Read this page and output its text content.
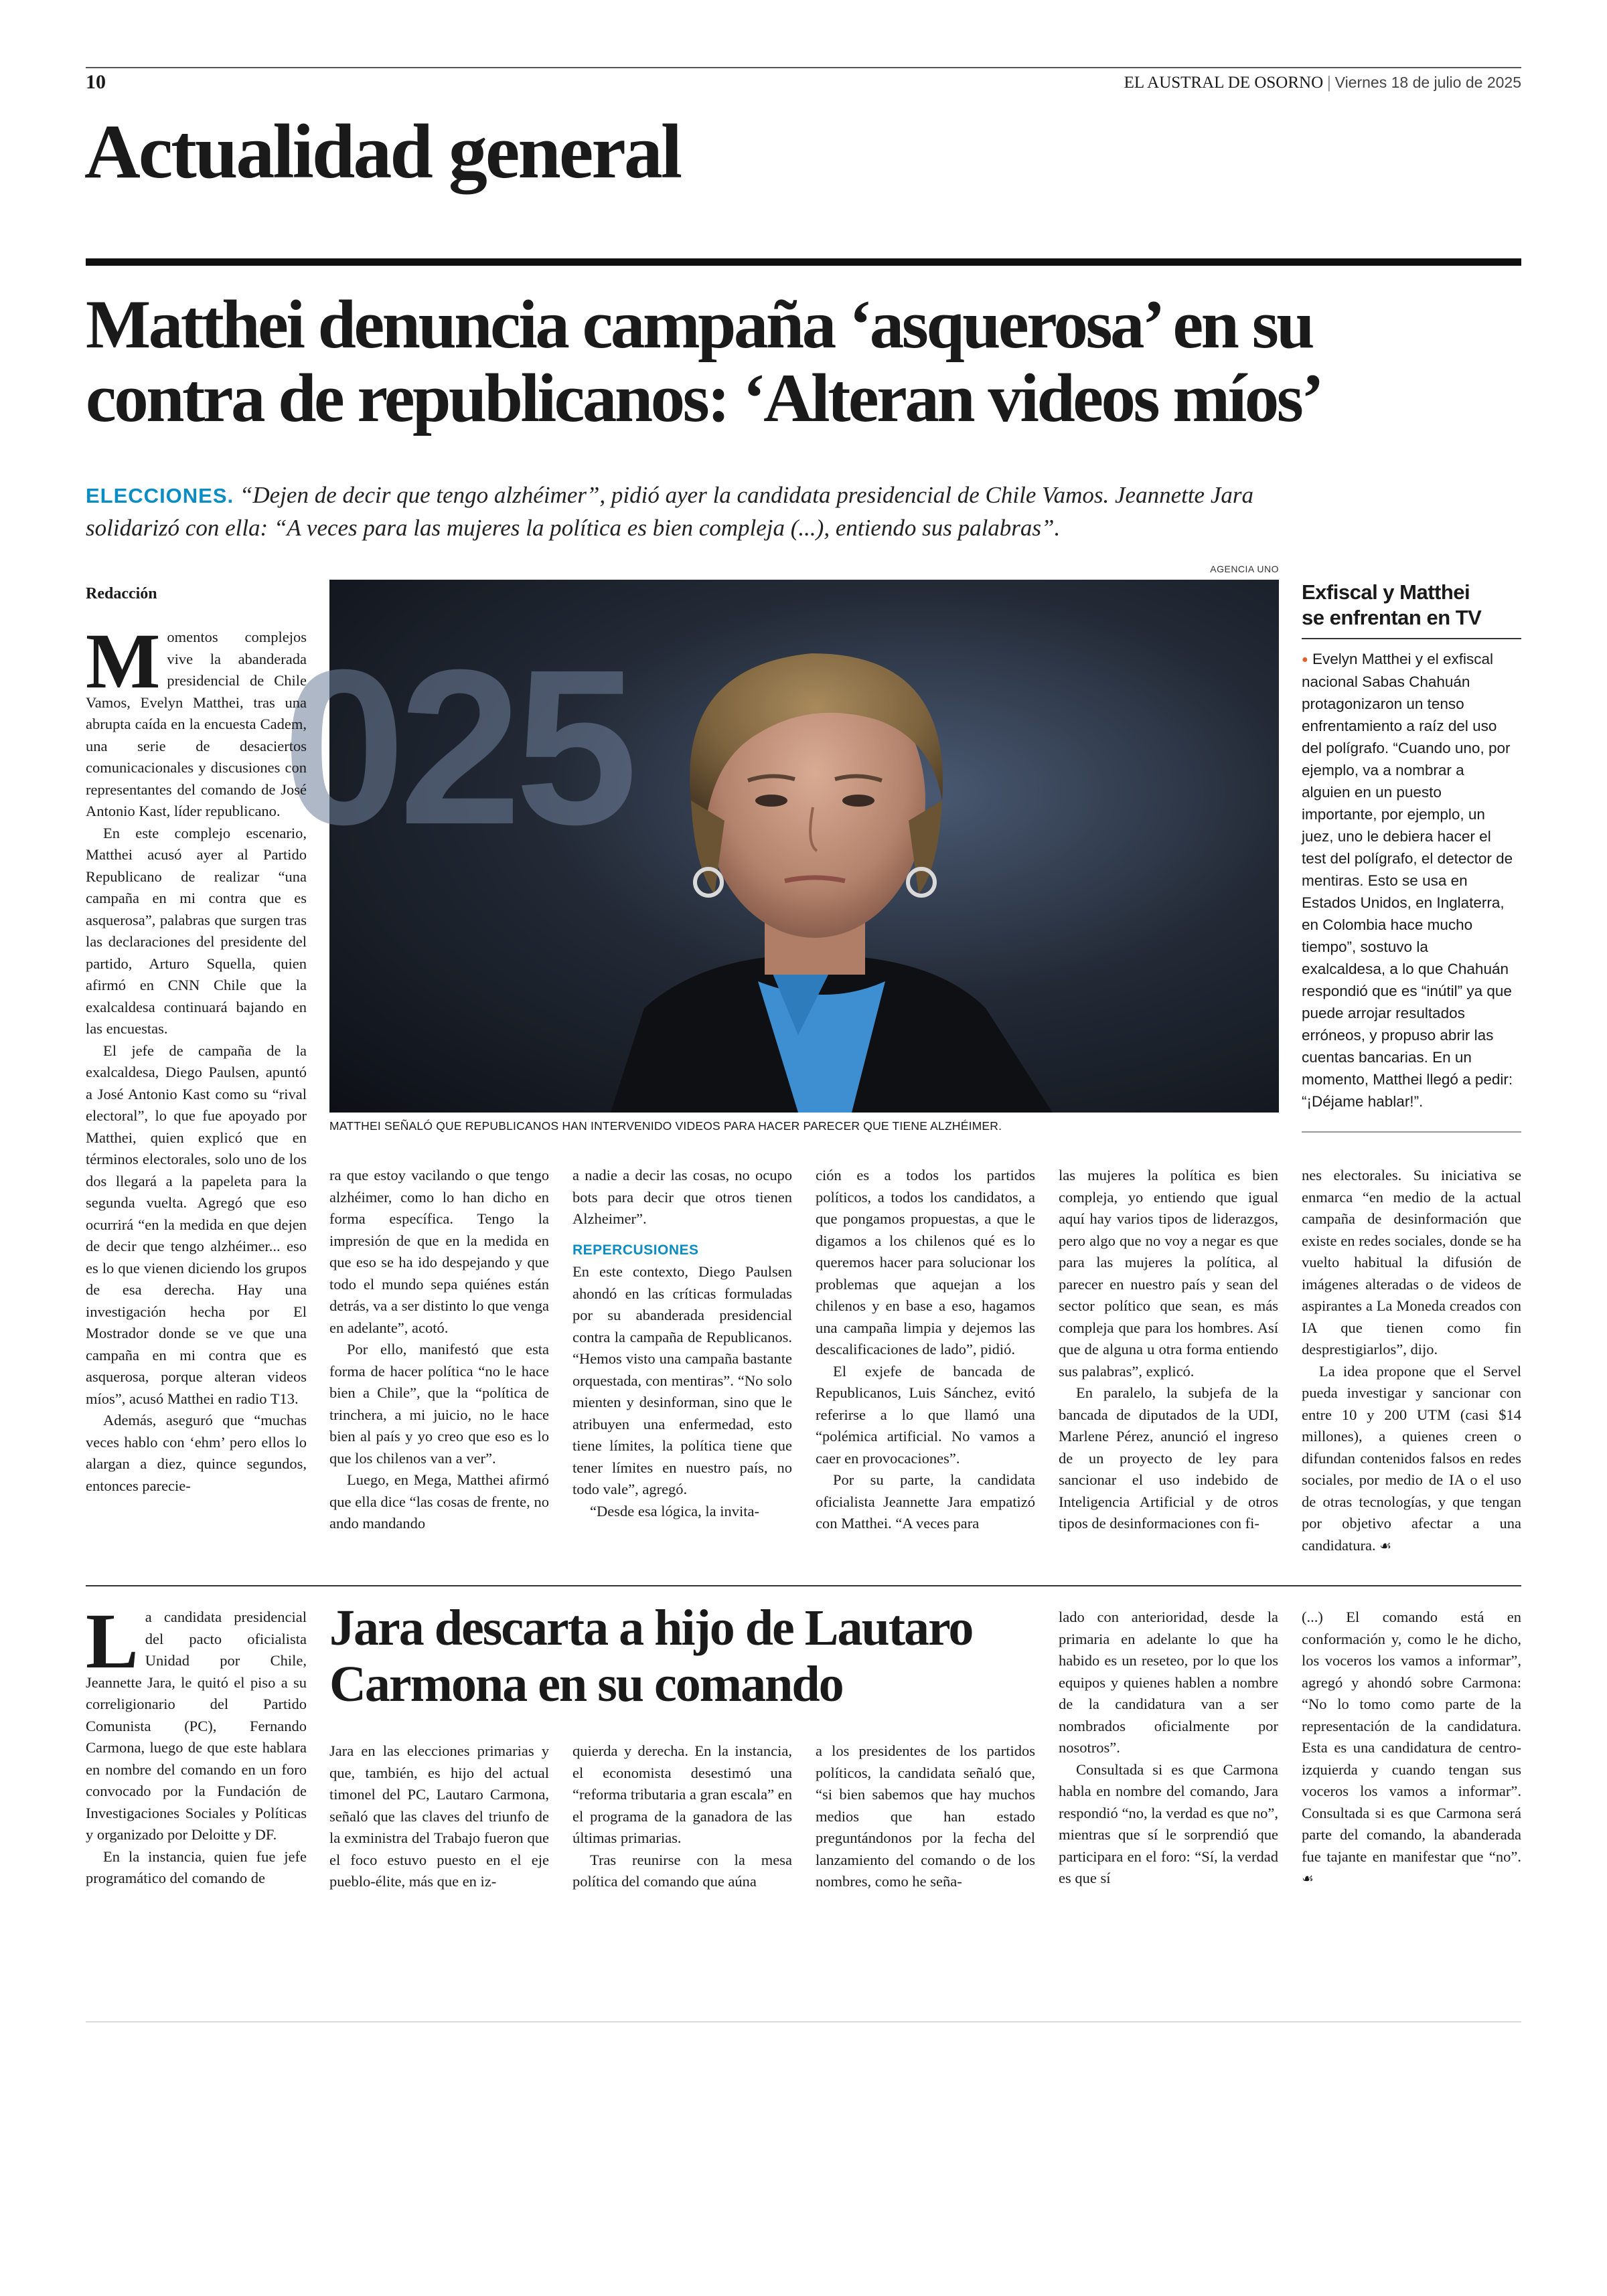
10	EL AUSTRAL DE OSORNO | Viernes 18 de julio de 2025
Actualidad general
Matthei denuncia campaña ‘asquerosa’ en su
contra de republicanos: ‘Alteran videos míos’
ELECCIONES. “Dejen de decir que tengo alzhéimer”, pidió ayer la candidata presidencial de Chile Vamos. Jeannette Jara
solidarizó con ella: “A veces para las mujeres la política es bien compleja (...), entiendo sus palabras”.
Redacción
AGENCIA UNO
025
MATTHEI SEÑALÓ QUE REPUBLICANOS HAN INTERVENIDO VIDEOS PARA HACER PARECER QUE TIENE ALZHÉIMER.

Momentos complejos vive la abanderada presidencial de Chile Vamos, Evelyn Matthei, tras una abrupta caída en la encuesta Cadem, una serie de desaciertos comunicacionales y discusiones con representantes del comando de José Antonio Kast, líder republicano.

En este complejo escenario, Matthei acusó ayer al Partido Republicano de realizar “una campaña en mi contra que es asquerosa”, palabras que surgen tras las declaraciones del presidente del partido, Arturo Squella, quien afirmó en CNN Chile que la exalcaldesa continuará bajando en las encuestas.

El jefe de campaña de la exalcaldesa, Diego Paulsen, apuntó a José Antonio Kast como su “rival electoral”, lo que fue apoyado por Matthei, quien explicó que en términos electorales, solo uno de los dos llegará a la papeleta para la segunda vuelta. Agregó que eso ocurrirá “en la medida en que dejen de decir que tengo alzhéimer... eso es lo que vienen diciendo los grupos de esa derecha. Hay una investigación hecha por El Mostrador donde se ve que una campaña en mi contra que es asquerosa, porque alteran videos míos”, acusó Matthei en radio T13.

Además, aseguró que “muchas veces hablo con ‘ehm’ pero ellos lo alargan a diez, quince segundos, entonces parecie-

ra que estoy vacilando o que tengo alzhéimer, como lo han dicho en forma específica. Tengo la impresión de que en la medida en que eso se ha ido despejando y que todo el mundo sepa quiénes están detrás, va a ser distinto lo que venga en adelante”, acotó.

Por ello, manifestó que esta forma de hacer política “no le hace bien a Chile”, que la “política de trinchera, a mi juicio, no le hace bien al país y yo creo que eso es lo que los chilenos van a ver”.

Luego, en Mega, Matthei afirmó que ella dice “las cosas de frente, no ando mandando

a nadie a decir las cosas, no ocupo bots para decir que otros tienen Alzheimer”.

REPERCUSIONES

En este contexto, Diego Paulsen ahondó en las críticas formuladas por su abanderada presidencial contra la campaña de Republicanos. “Hemos visto una campaña bastante orquestada, con mentiras”. “No solo mienten y desinforman, sino que le atribuyen una enfermedad, esto tiene límites, la política tiene que tener límites en nuestro país, no todo vale”, agregó.

“Desde esa lógica, la invita-

ción es a todos los partidos políticos, a todos los candidatos, a que pongamos propuestas, a que le digamos a los chilenos qué es lo queremos hacer para solucionar los problemas que aquejan a los chilenos y en base a eso, hagamos una campaña limpia y dejemos las descalificaciones de lado”, pidió.

El exjefe de bancada de Republicanos, Luis Sánchez, evitó referirse a lo que llamó una “polémica artificial. No vamos a caer en provocaciones”.

Por su parte, la candidata oficialista Jeannette Jara empatizó con Matthei. “A veces para

las mujeres la política es bien compleja, yo entiendo que igual aquí hay varios tipos de liderazgos, pero algo que no voy a negar es que para las mujeres la política, al parecer en nuestro país y sean del sector político que sean, es más compleja que para los hombres. Así que de alguna u otra forma entiendo sus palabras”, explicó.

En paralelo, la subjefa de la bancada de diputados de la UDI, Marlene Pérez, anunció el ingreso de un proyecto de ley para sancionar el uso indebido de Inteligencia Artificial y de otros tipos de desinformaciones con fi-

nes electorales. Su iniciativa se enmarca “en medio de la actual campaña de desinformación que existe en redes sociales, donde se ha vuelto habitual la difusión de imágenes alteradas o de videos de aspirantes a La Moneda creados con IA que tienen como fin desprestigiarlos”, dijo.

La idea propone que el Servel pueda investigar y sancionar con entre 10 y 200 UTM (casi $14 millones), a quienes creen o difundan contenidos falsos en redes sociales, por medio de IA o el uso de otras tecnologías, y que tengan por objetivo afectar a una candidatura. ☙

Exfiscal y Matthei
se enfrentan en TV
● Evelyn Matthei y el exfiscal nacional Sabas Chahuán protagonizaron un tenso enfrentamiento a raíz del uso del polígrafo. “Cuando uno, por ejemplo, va a nombrar a alguien en un puesto importante, por ejemplo, un juez, uno le debiera hacer el test del polígrafo, el detector de mentiras. Esto se usa en Estados Unidos, en Inglaterra, en Colombia hace mucho tiempo”, sostuvo la exalcaldesa, a lo que Chahuán respondió que es “inútil” ya que puede arrojar resultados erróneos, y propuso abrir las cuentas bancarias. En un momento, Matthei llegó a pedir: “¡Déjame hablar!”.

La candidata presidencial del pacto oficialista Unidad por Chile, Jeannette Jara, le quitó el piso a su correligionario del Partido Comunista (PC), Fernando Carmona, luego de que este hablara en nombre del comando en un foro convocado por la Fundación de Investigaciones Sociales y Políticas y organizado por Deloitte y DF.

En la instancia, quien fue jefe programático del comando de

Jara descarta a hijo de Lautaro
Carmona en su comando

Jara en las elecciones primarias y que, también, es hijo del actual timonel del PC, Lautaro Carmona, señaló que las claves del triunfo de la exministra del Trabajo fueron que el foco estuvo puesto en el eje pueblo-élite, más que en iz-

quierda y derecha. En la instancia, el economista desestimó una “reforma tributaria a gran escala” en el programa de la ganadora de las últimas primarias.

Tras reunirse con la mesa política del comando que aúna

a los presidentes de los partidos políticos, la candidata señaló que, “si bien sabemos que hay muchos medios que han estado preguntándonos por la fecha del lanzamiento del comando o de los nombres, como he seña-

lado con anterioridad, desde la primaria en adelante lo que ha habido es un reseteo, por lo que los equipos y quienes hablen a nombre de la candidatura van a ser nombrados oficialmente por nosotros”.

Consultada si es que Carmona habla en nombre del comando, Jara respondió “no, la verdad es que no”, mientras que sí le sorprendió que participara en el foro: “Sí, la verdad es que sí

(...) El comando está en conformación y, como le he dicho, los voceros los vamos a informar”, agregó y ahondó sobre Carmona: “No lo tomo como parte de la representación de la candidatura. Esta es una candidatura de centro-izquierda y cuando tengan sus voceros los vamos a informar”. Consultada si es que Carmona será parte del comando, la abanderada fue tajante en manifestar que “no”. ☙
